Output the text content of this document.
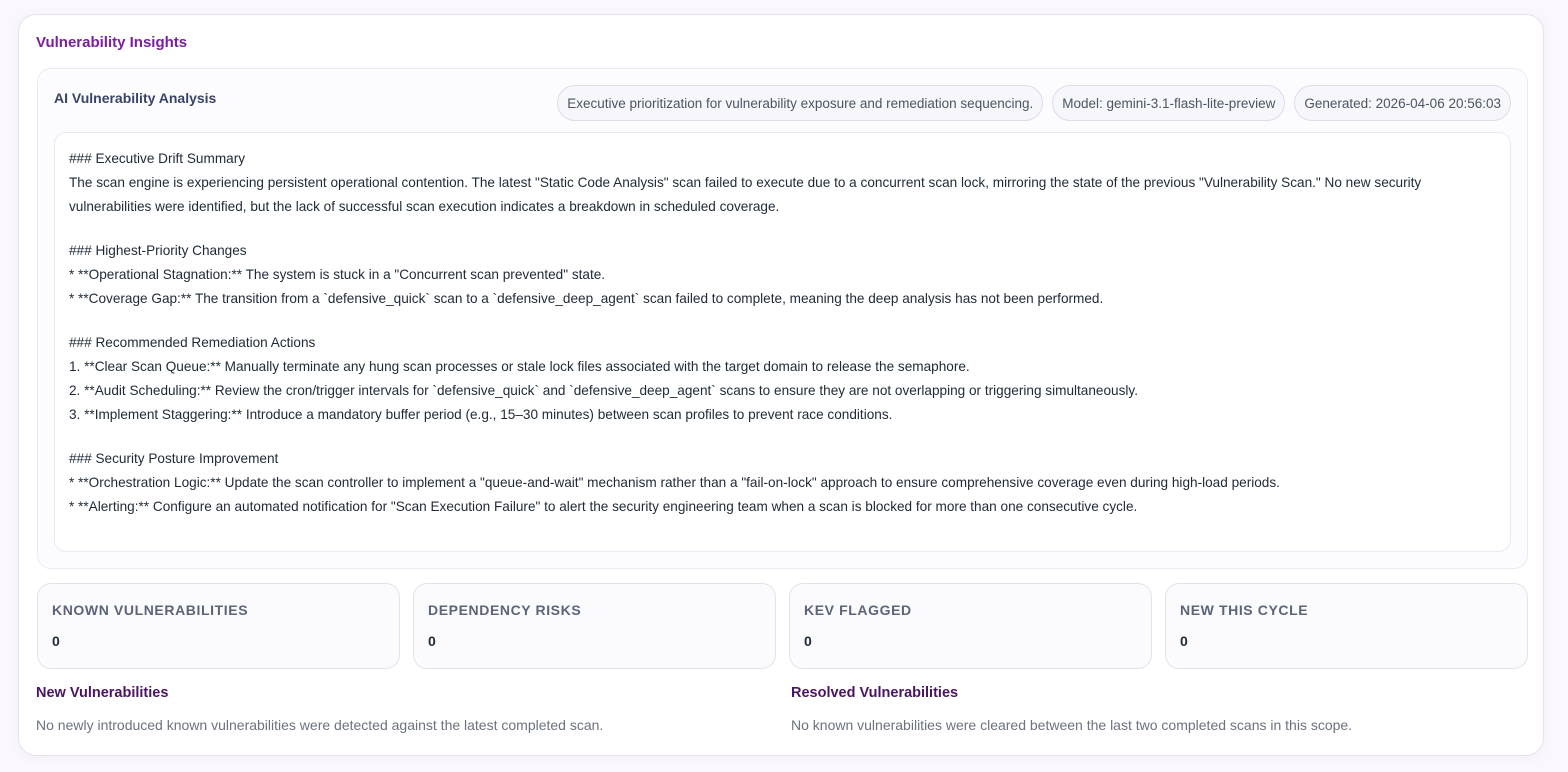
Vulnerability Insights
AI Vulnerability Analysis	Executive prioritization for vulnerability exposure and remediation sequencing.	Model: gemini-3.1-flash-lite-preview	Generated: 2026-04-06 20:56:03

### Executive Drift Summary

The scan engine is experiencing persistent operational contention. The latest "Static Code Analysis" scan failed to execute due to a concurrent scan lock, mirroring the state of the previous "Vulnerability Scan." No new security vulnerabilities were identified, but the lack of successful scan execution indicates a breakdown in scheduled coverage.

### Highest-Priority Changes

* **Operational Stagnation:** The system is stuck in a "Concurrent scan prevented" state.

* **Coverage Gap:** The transition from a `defensive_quick` scan to a `defensive_deep_agent` scan failed to complete, meaning the deep analysis has not been performed.

### Recommended Remediation Actions

1. **Clear Scan Queue:** Manually terminate any hung scan processes or stale lock files associated with the target domain to release the semaphore.

2. **Audit Scheduling:** Review the cron/trigger intervals for `defensive_quick` and `defensive_deep_agent` scans to ensure they are not overlapping or triggering simultaneously.

3. **Implement Staggering:** Introduce a mandatory buffer period (e.g., 15–30 minutes) between scan profiles to prevent race conditions.

### Security Posture Improvement

* **Orchestration Logic:** Update the scan controller to implement a "queue-and-wait" mechanism rather than a "fail-on-lock" approach to ensure comprehensive coverage even during high-load periods.

* **Alerting:** Configure an automated notification for "Scan Execution Failure" to alert the security engineering team when a scan is blocked for more than one consecutive cycle.

KNOWN VULNERABILITIES
0
DEPENDENCY RISKS
0
KEV FLAGGED
0
NEW THIS CYCLE
0
New Vulnerabilities

No newly introduced known vulnerabilities were detected against the latest completed scan.

Resolved Vulnerabilities

No known vulnerabilities were cleared between the last two completed scans in this scope.
